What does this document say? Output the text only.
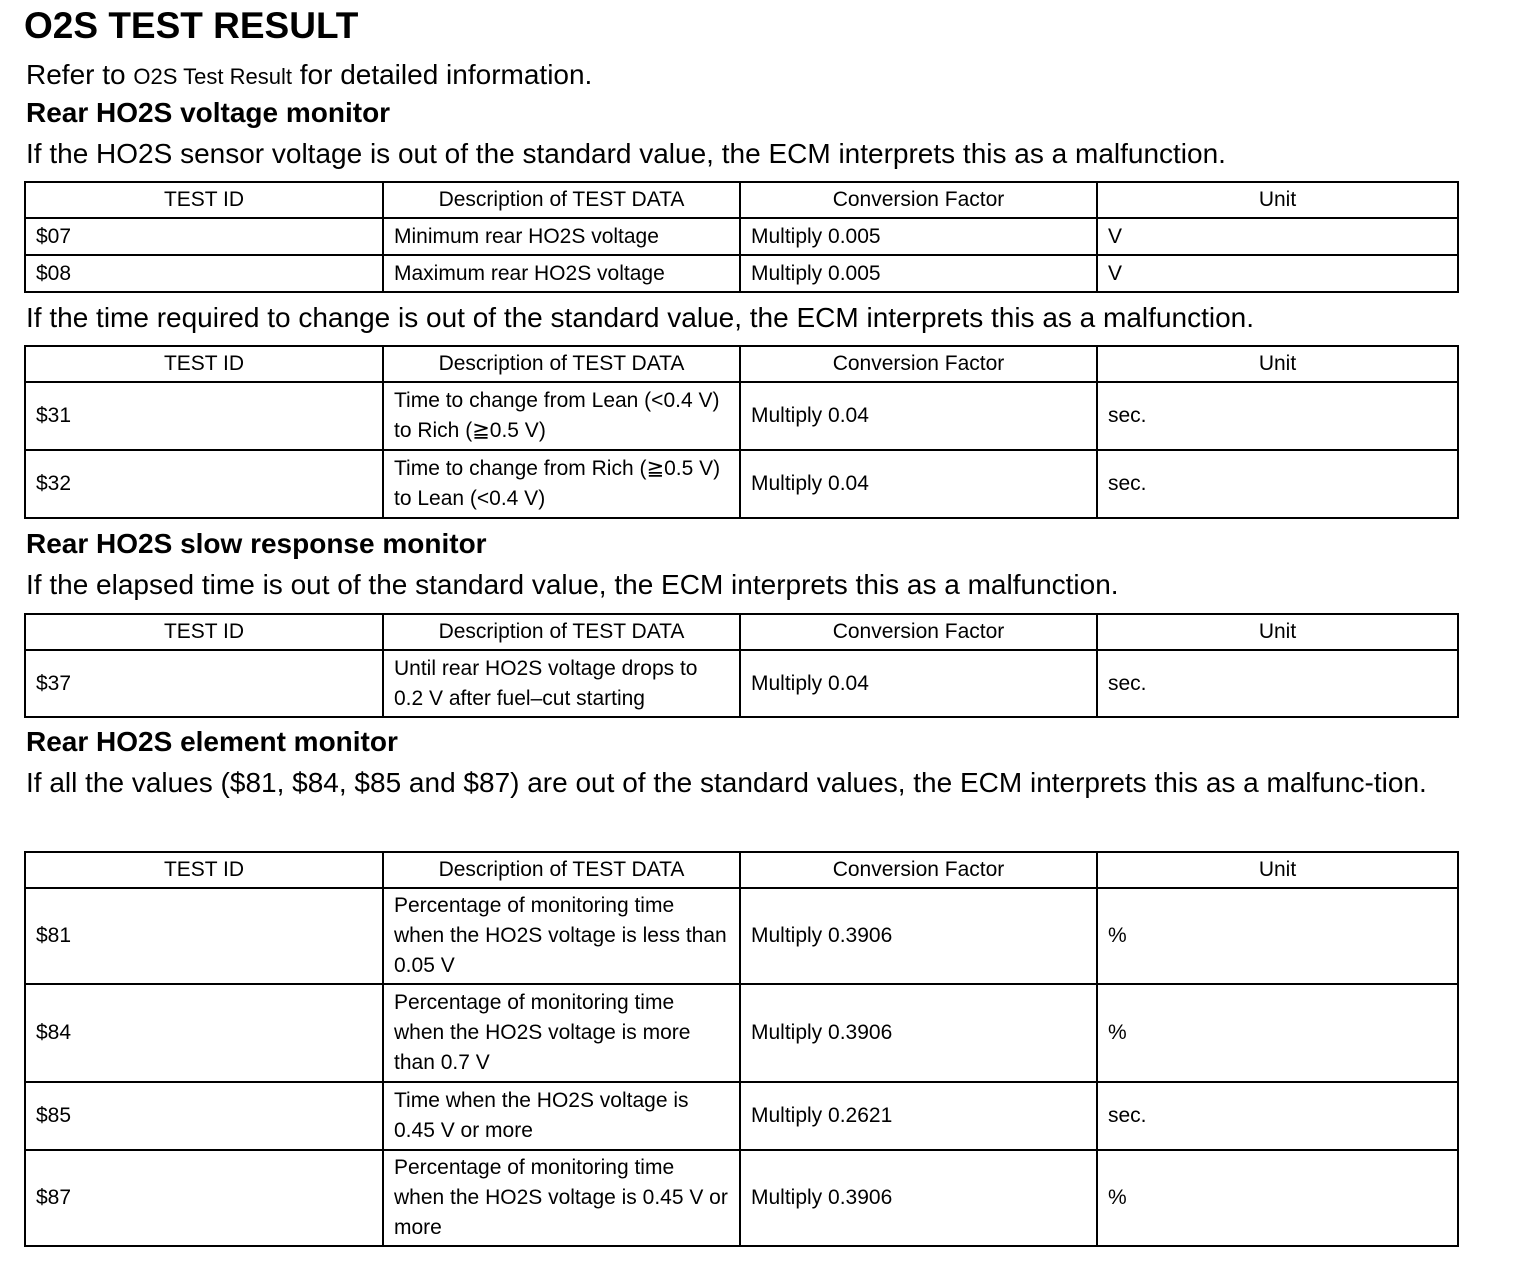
O2S TEST RESULT
Refer to O2S Test Result for detailed information.
Rear HO2S voltage monitor

If the HO2S sensor voltage is out of the standard value, the ECM interprets this as a malfunction.

TEST ID	Description of TEST DATA	Conversion Factor	Unit
$07	Minimum rear HO2S voltage	Multiply 0.005	V
$08	Maximum rear HO2S voltage	Multiply 0.005	V

If the time required to change is out of the standard value, the ECM interprets this as a malfunction.

TEST ID	Description of TEST DATA	Conversion Factor	Unit
$31	Time to change from Lean (<0.4 V) to Rich (≧0.5 V)	Multiply 0.04	sec.
$32	Time to change from Rich (≧0.5 V) to Lean (<0.4 V)	Multiply 0.04	sec.
Rear HO2S slow response monitor

If the elapsed time is out of the standard value, the ECM interprets this as a malfunction.

TEST ID	Description of TEST DATA	Conversion Factor	Unit
$37	Until rear HO2S voltage drops to 0.2 V after fuel–cut starting	Multiply 0.04	sec.
Rear HO2S element monitor

If all the values ($81, $84, $85 and $87) are out of the standard values, the ECM interprets this as a malfunc-tion.

TEST ID	Description of TEST DATA	Conversion Factor	Unit
$81	Percentage of monitoring time when the HO2S voltage is less than 0.05 V	Multiply 0.3906	%
$84	Percentage of monitoring time when the HO2S voltage is more than 0.7 V	Multiply 0.3906	%
$85	Time when the HO2S voltage is 0.45 V or more	Multiply 0.2621	sec.
$87	Percentage of monitoring time when the HO2S voltage is 0.45 V or more	Multiply 0.3906	%
